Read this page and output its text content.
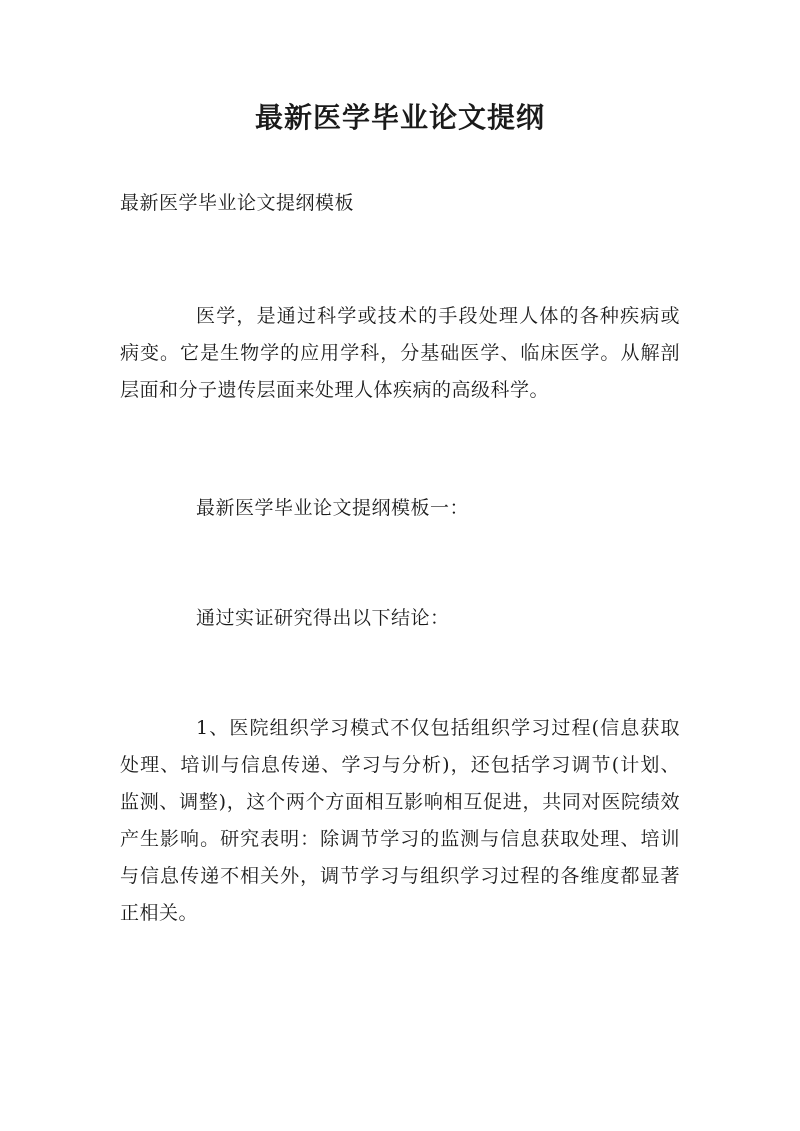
最新医学毕业论文提纲

最新医学毕业论文提纲模板

医学，是通过科学或技术的手段处理人体的各种疾病或病变。它是生物学的应用学科，分基础医学、临床医学。从解剖层面和分子遗传层面来处理人体疾病的高级科学。

最新医学毕业论文提纲模板一：

通过实证研究得出以下结论：

1、医院组织学习模式不仅包括组织学习过程(信息获取处理、培训与信息传递、学习与分析)，还包括学习调节(计划、监测、调整)，这个两个方面相互影响相互促进，共同对医院绩效产生影响。研究表明：除调节学习的监测与信息获取处理、培训与信息传递不相关外，调节学习与组织学习过程的各维度都显著正相关。
